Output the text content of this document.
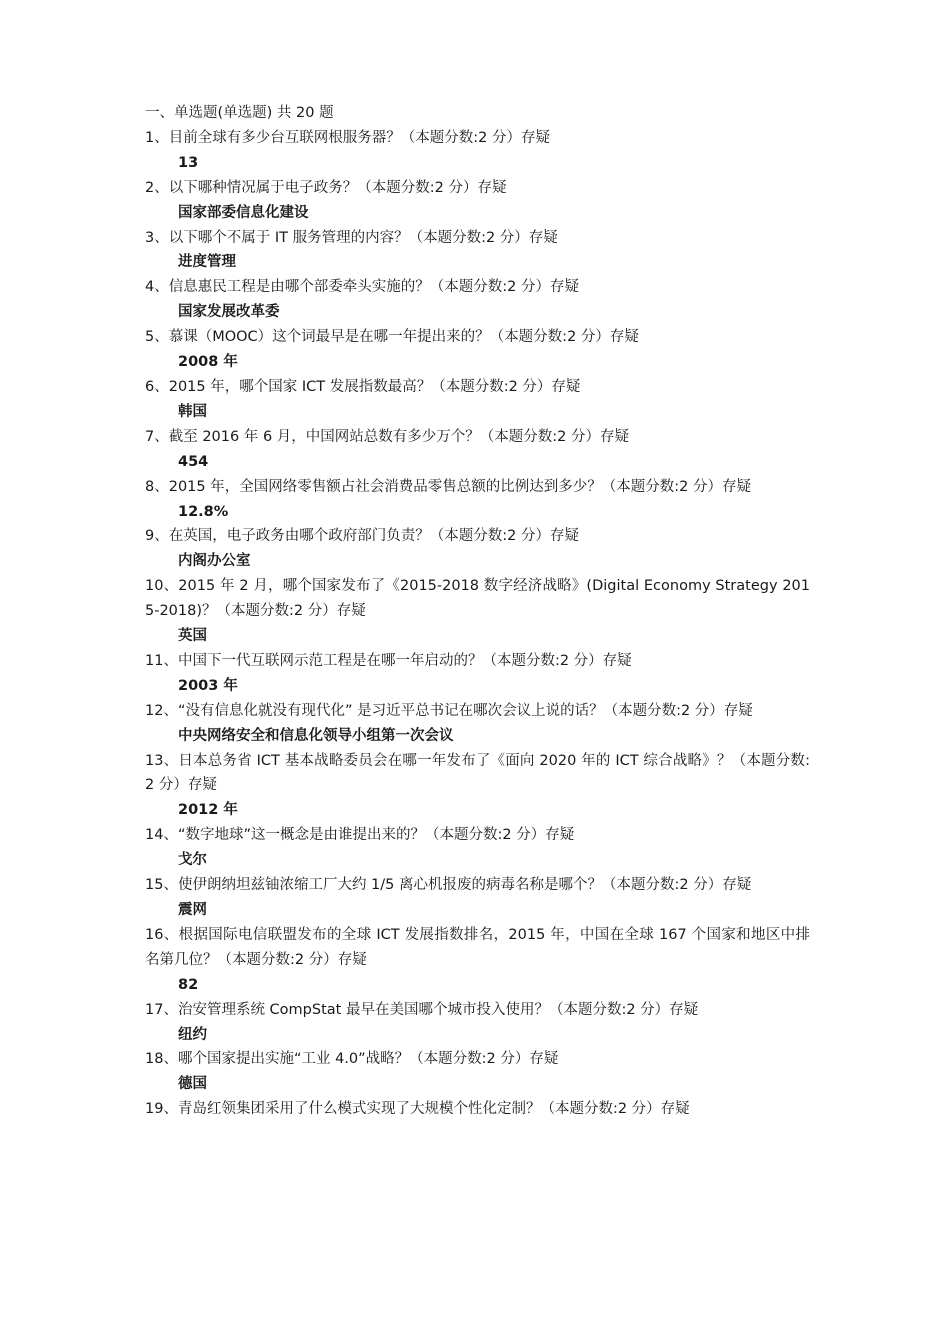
一、单选题(单选题) 共 20 题
1、目前全球有多少台互联网根服务器？（本题分数:2 分）存疑
13
2、以下哪种情况属于电子政务？（本题分数:2 分）存疑
国家部委信息化建设
3、以下哪个不属于 IT 服务管理的内容？（本题分数:2 分）存疑
进度管理
4、信息惠民工程是由哪个部委牵头实施的？（本题分数:2 分）存疑
国家发展改革委
5、慕课（MOOC）这个词最早是在哪一年提出来的？（本题分数:2 分）存疑
2008 年
6、2015 年，哪个国家 ICT 发展指数最高？（本题分数:2 分）存疑
韩国
7、截至 2016 年 6 月，中国网站总数有多少万个？（本题分数:2 分）存疑
454
8、2015 年，全国网络零售额占社会消费品零售总额的比例达到多少？（本题分数:2 分）存疑
12.8%
9、在英国，电子政务由哪个政府部门负责？（本题分数:2 分）存疑
内阁办公室
10、2015 年 2 月，哪个国家发布了《2015-2018 数字经济战略》(Digital Economy Strategy 2015-2018)？（本题分数:2 分）存疑
英国
11、中国下一代互联网示范工程是在哪一年启动的？（本题分数:2 分）存疑
2003 年
12、“没有信息化就没有现代化” 是习近平总书记在哪次会议上说的话？（本题分数:2 分）存疑
中央网络安全和信息化领导小组第一次会议
13、日本总务省 ICT 基本战略委员会在哪一年发布了《面向 2020 年的 ICT 综合战略》？（本题分数:2 分）存疑
2012 年
14、“数字地球”这一概念是由谁提出来的？（本题分数:2 分）存疑
戈尔
15、使伊朗纳坦兹铀浓缩工厂大约 1/5 离心机报废的病毒名称是哪个？（本题分数:2 分）存疑
震网
16、根据国际电信联盟发布的全球 ICT 发展指数排名，2015 年，中国在全球 167 个国家和地区中排名第几位？（本题分数:2 分）存疑
82
17、治安管理系统 CompStat 最早在美国哪个城市投入使用？（本题分数:2 分）存疑
纽约
18、哪个国家提出实施“工业 4.0”战略？（本题分数:2 分）存疑
德国
19、青岛红领集团采用了什么模式实现了大规模个性化定制？（本题分数:2 分）存疑
